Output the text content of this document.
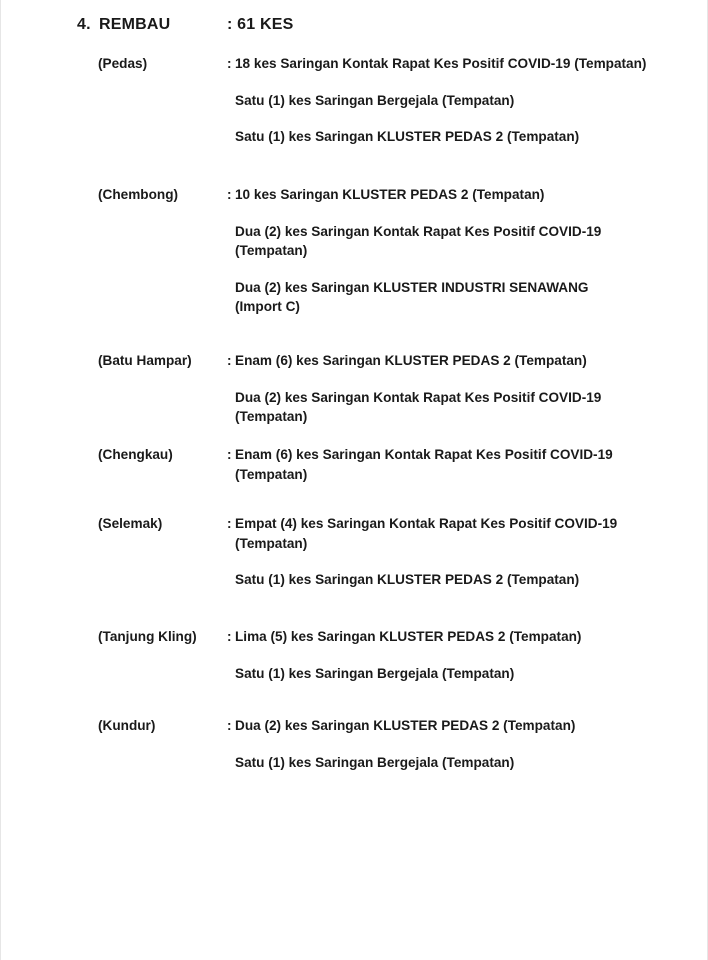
4. REMBAU	: 61 KES
(Pedas)	: 18 kes Saringan Kontak Rapat Kes Positif COVID-19 (Tempatan)
Satu (1) kes Saringan Bergejala (Tempatan)
Satu (1) kes Saringan KLUSTER PEDAS 2 (Tempatan)
(Chembong)	: 10 kes Saringan KLUSTER PEDAS 2 (Tempatan)
Dua (2) kes Saringan Kontak Rapat Kes Positif COVID-19 (Tempatan)
Dua (2) kes Saringan KLUSTER INDUSTRI SENAWANG (Import C)
(Batu Hampar)	: Enam (6) kes Saringan KLUSTER PEDAS 2 (Tempatan)
Dua (2) kes Saringan Kontak Rapat Kes Positif COVID-19 (Tempatan)
(Chengkau)	: Enam (6) kes Saringan Kontak Rapat Kes Positif COVID-19 (Tempatan)
(Selemak)	: Empat (4) kes Saringan Kontak Rapat Kes Positif COVID-19 (Tempatan)
Satu (1) kes Saringan KLUSTER PEDAS 2 (Tempatan)
(Tanjung Kling) : Lima (5) kes Saringan KLUSTER PEDAS 2 (Tempatan)
Satu (1) kes Saringan Bergejala (Tempatan)
(Kundur)	: Dua (2) kes Saringan KLUSTER PEDAS 2 (Tempatan)
Satu (1) kes Saringan Bergejala (Tempatan)
